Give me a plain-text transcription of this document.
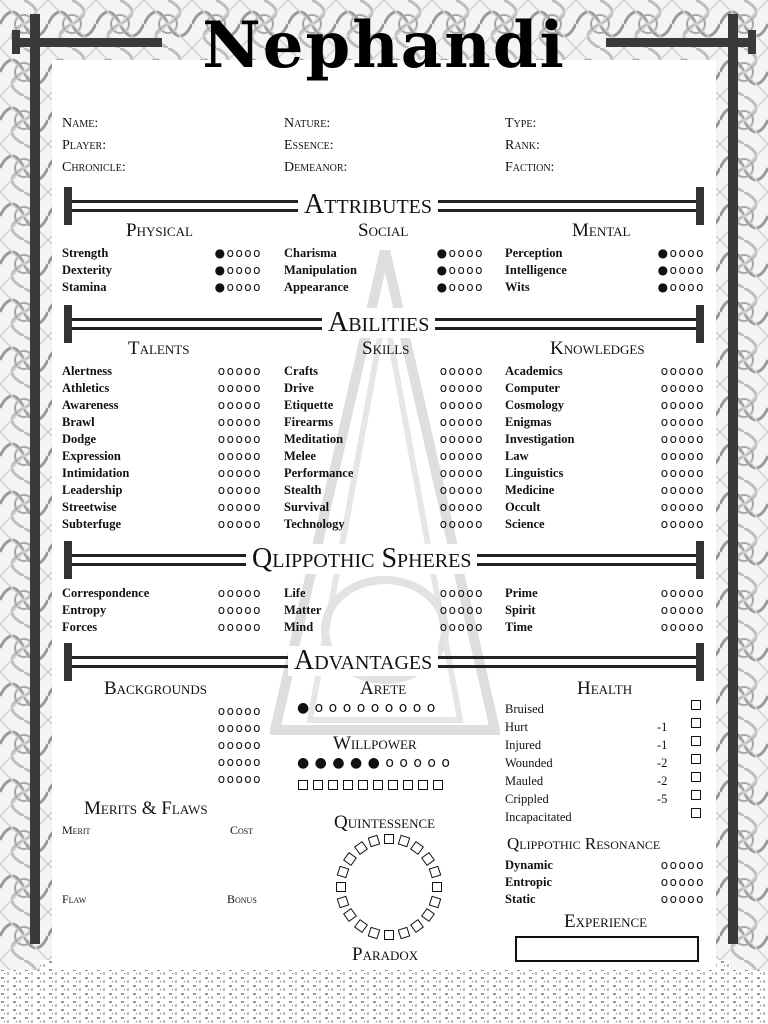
Nephandi
Name:
Player:
Chronicle:
Nature:
Essence:
Demeanor:
Type:
Rank:
Faction:
Attributes
Abilities
Qlippothic Spheres
Advantages
Physical	Social	Mental
Strength	●oooo
Dexterity	●oooo
Stamina	●oooo
Charisma	●oooo
Manipulation	●oooo
Appearance	●oooo
Perception	●oooo
Intelligence	●oooo
Wits	●oooo
Talents	Skills	Knowledges
Alertness	ooooo
Athletics	ooooo
Awareness	ooooo
Brawl	ooooo
Dodge	ooooo
Expression	ooooo
Intimidation	ooooo
Leadership	ooooo
Streetwise	ooooo
Subterfuge	ooooo
Crafts	ooooo
Drive	ooooo
Etiquette	ooooo
Firearms	ooooo
Meditation	ooooo
Melee	ooooo
Performance	ooooo
Stealth	ooooo
Survival	ooooo
Technology	ooooo
Academics	ooooo
Computer	ooooo
Cosmology	ooooo
Enigmas	ooooo
Investigation	ooooo
Law	ooooo
Linguistics	ooooo
Medicine	ooooo
Occult	ooooo
Science	ooooo
Correspondence	ooooo
Entropy	ooooo
Forces	ooooo
Life	ooooo
Matter	ooooo
Mind	ooooo
Prime	ooooo
Spirit	ooooo
Time	ooooo
Backgrounds
ooooo
ooooo
ooooo
ooooo
ooooo
Merits & Flaws
Merit	Cost
Flaw	Bonus
Arete
● o o o o o o o o o
Willpower
● ● ● ● ● o o o o o
Quintessence
Paradox
Health
Bruised
Hurt	-1
Injured	-1
Wounded	-2
Mauled	-2
Crippled	-5
Incapacitated
Qlippothic Resonance
Dynamic	ooooo
Entropic	ooooo
Static	ooooo
Experience
